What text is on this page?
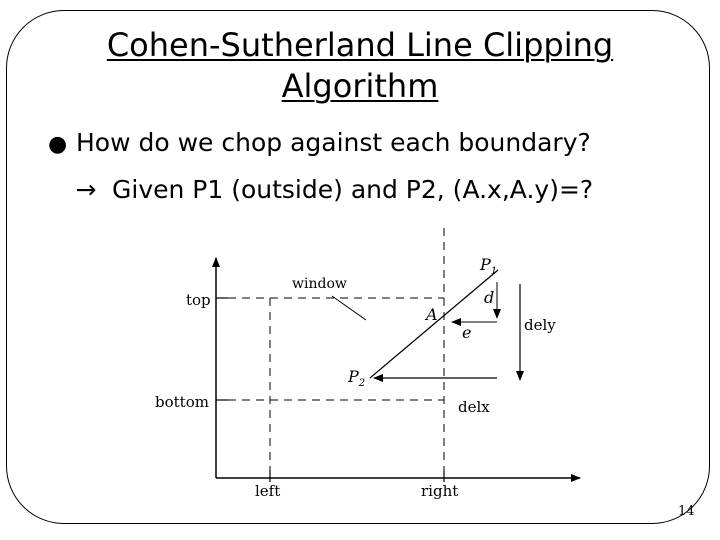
Cohen-Sutherland Line Clipping
Algorithm
● How do we chop against each boundary?
→ Given P1 (outside) and P2, (A.x,A.y)=?
top
bottom
left	right
window
$P_1$
$P_2$
A
d
e	dely
delx
14
